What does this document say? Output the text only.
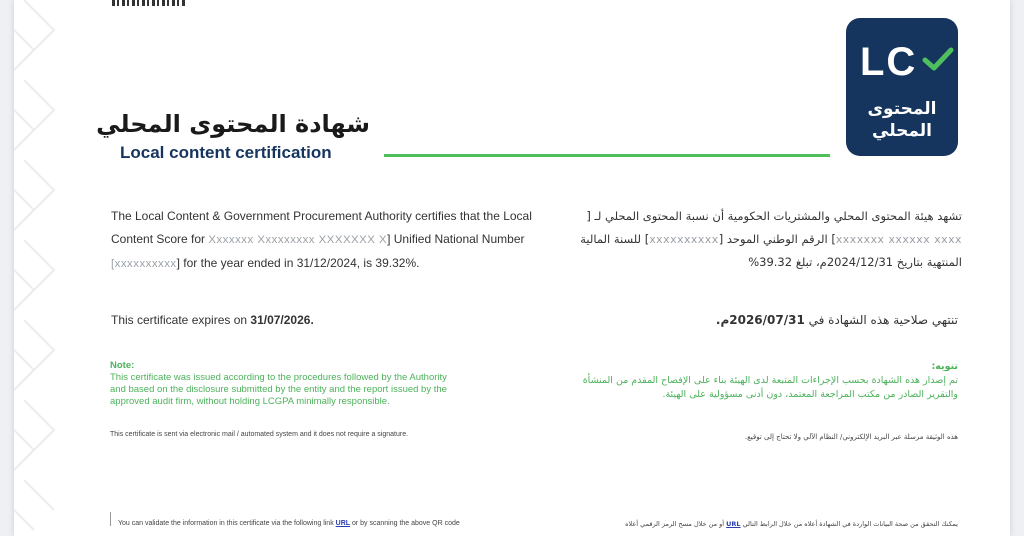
LC
المحتوى
المحلي
شهادة المحتوى المحلي
Local content certification
The Local Content & Government Procurement Authority certifies that the Local Content Score for Xxxxxxx Xxxxxxxxx XXXXXXX X] Unified National Number [xxxxxxxxxx] for the year ended in 31/12/2024, is 39.32%.
تشهد هيئة المحتوى المحلي والمشتريات الحكومية أن نسبة المحتوى المحلي لـ [xxxxxxx xxxxxx xxxx] الرقم الوطني الموحد [xxxxxxxxxx] للسنة المالية المنتهية بتاريخ 2024/12/31م، تبلغ 39.32%
This certificate expires on 31/07/2026.	تنتهي صلاحية هذه الشهادة في 2026/07/31م.
Note:
This certificate was issued according to the procedures followed by the Authority and based on the disclosure submitted by the entity and the report issued by the approved audit firm, without holding LCGPA minimally responsible.
This certificate is sent via electronic mail / automated system and it does not require a signature.
تنويه:
تم إصدار هذه الشهادة بحسب الإجراءات المتبعة لدى الهيئة بناء على الإفصاح المقدم من المنشأة والتقرير الصادر من مكتب المراجعة المعتمد، دون أدنى مسؤولية على الهيئة.
هذه الوثيقة مرسلة عبر البريد الإلكتروني/ النظام الآلي ولا تحتاج إلى توقيع.
You can validate the information in this certificate via the following link URL or by scanning the above QR code	يمكنك التحقق من صحة البيانات الواردة في الشهادة أعلاه من خلال الرابط التالي URL أو من خلال مسح الرمز الرقمي أعلاه
